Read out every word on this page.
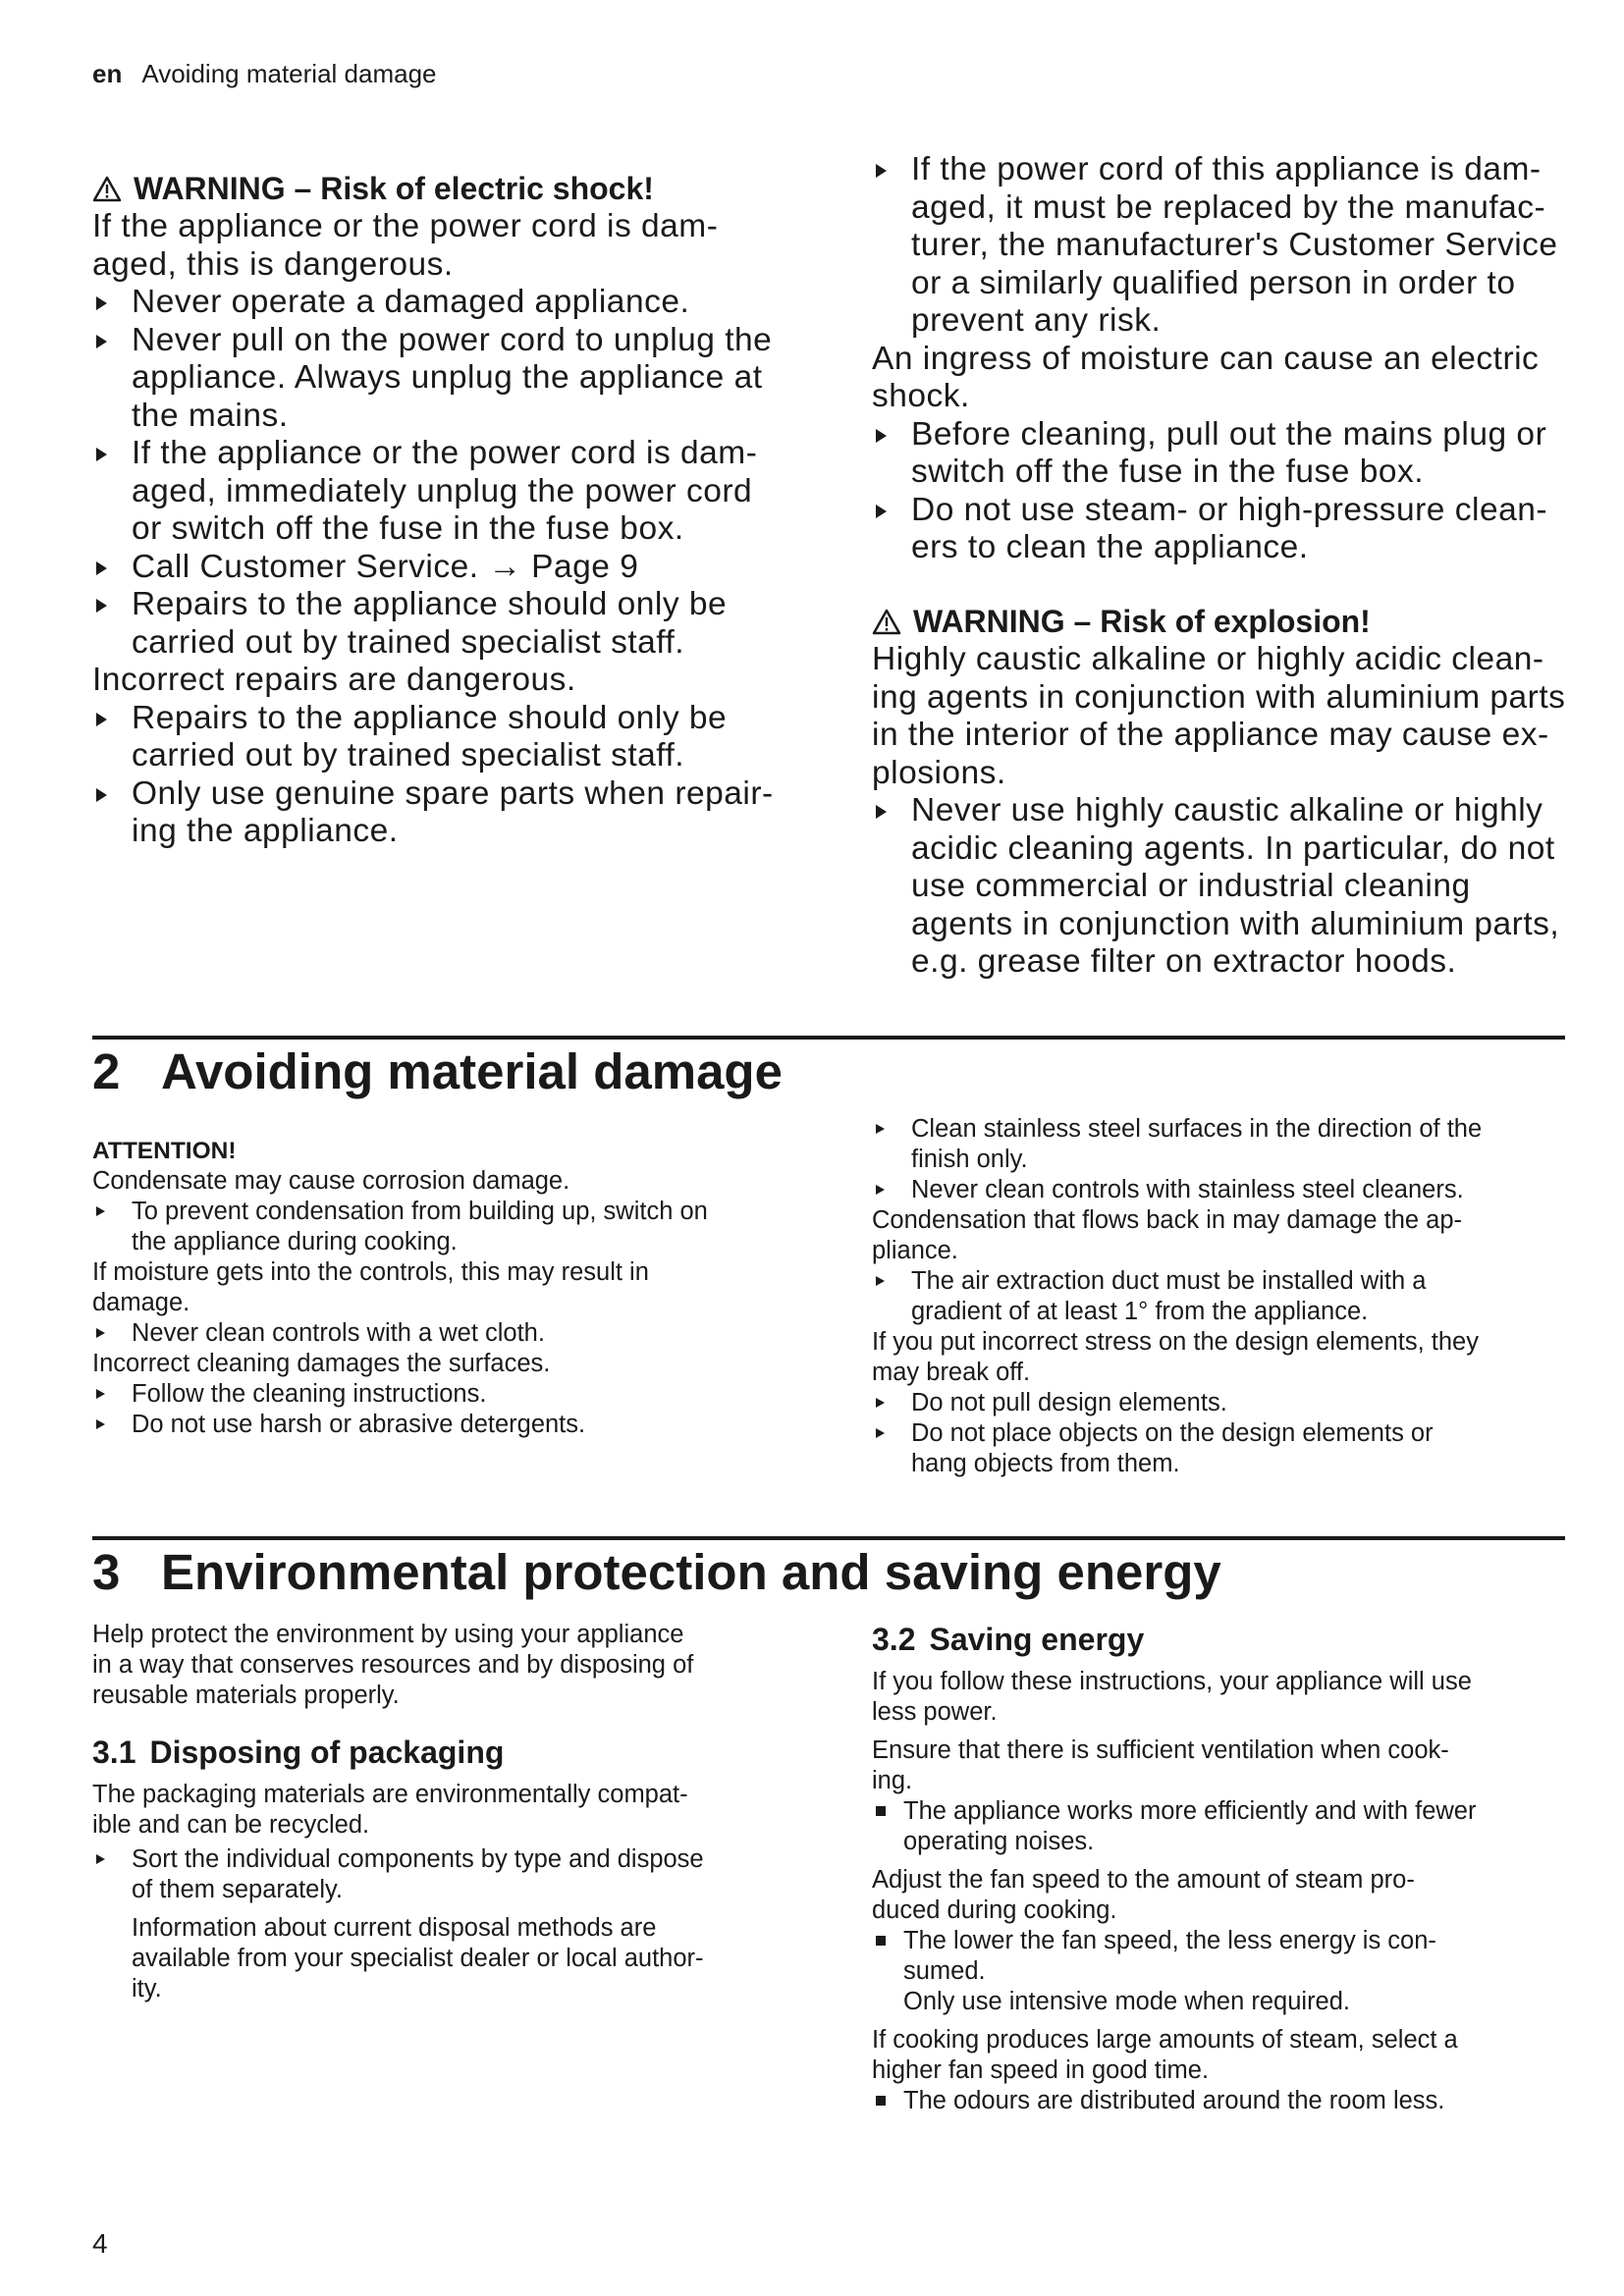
en Avoiding material damage
WARNING – Risk of electric shock!

If the appliance or the power cord is dam-
aged, this is dangerous.

Never operate a damaged appliance.
Never pull on the power cord to unplug the
appliance. Always unplug the appliance at
the mains.
If the appliance or the power cord is dam-
aged, immediately unplug the power cord
or switch off the fuse in the fuse box.
Call Customer Service. → Page 9
Repairs to the appliance should only be
carried out by trained specialist staff.

Incorrect repairs are dangerous.

Repairs to the appliance should only be
carried out by trained specialist staff.
Only use genuine spare parts when repair-
ing the appliance.
If the power cord of this appliance is dam-
aged, it must be replaced by the manufac-
turer, the manufacturer's Customer Service
or a similarly qualified person in order to
prevent any risk.

An ingress of moisture can cause an electric
shock.

Before cleaning, pull out the mains plug or
switch off the fuse in the fuse box.
Do not use steam- or high-pressure clean-
ers to clean the appliance.
WARNING – Risk of explosion!

Highly caustic alkaline or highly acidic clean-
ing agents in conjunction with aluminium parts
in the interior of the appliance may cause ex-
plosions.

Never use highly caustic alkaline or highly
acidic cleaning agents. In particular, do not
use commercial or industrial cleaning
agents in conjunction with aluminium parts,
e.g. grease filter on extractor hoods.
2 Avoiding material damage

ATTENTION!

Condensate may cause corrosion damage.

To prevent condensation from building up, switch on
the appliance during cooking.

If moisture gets into the controls, this may result in
damage.

Never clean controls with a wet cloth.

Incorrect cleaning damages the surfaces.

Follow the cleaning instructions.
Do not use harsh or abrasive detergents.
Clean stainless steel surfaces in the direction of the
finish only.
Never clean controls with stainless steel cleaners.

Condensation that flows back in may damage the ap-
pliance.

The air extraction duct must be installed with a
gradient of at least 1° from the appliance.

If you put incorrect stress on the design elements, they
may break off.

Do not pull design elements.
Do not place objects on the design elements or
hang objects from them.
3 Environmental protection and saving energy

Help protect the environment by using your appliance
in a way that conserves resources and by disposing of
reusable materials properly.

3.1 Disposing of packaging

The packaging materials are environmentally compat-
ible and can be recycled.

Sort the individual components by type and dispose
of them separately.

Information about current disposal methods are
available from your specialist dealer or local author-
ity.

3.2 Saving energy

If you follow these instructions, your appliance will use
less power.

Ensure that there is sufficient ventilation when cook-
ing.

The appliance works more efficiently and with fewer
operating noises.

Adjust the fan speed to the amount of steam pro-
duced during cooking.

The lower the fan speed, the less energy is con-
sumed.

Only use intensive mode when required.

If cooking produces large amounts of steam, select a
higher fan speed in good time.

The odours are distributed around the room less.
4
